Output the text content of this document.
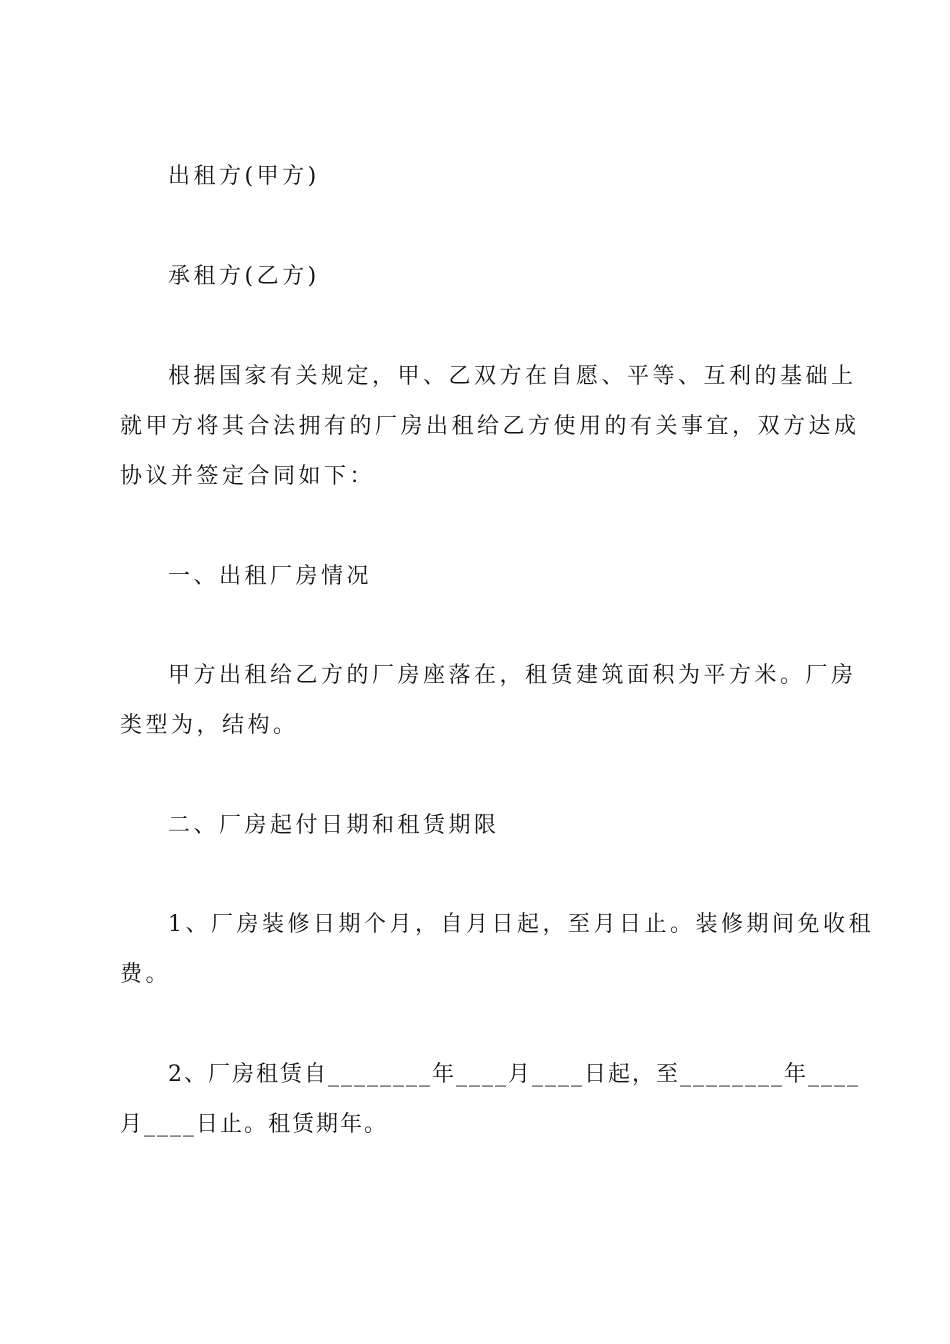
出租方(甲方)
承租方(乙方)
根据国家有关规定，甲、乙双方在自愿、平等、互利的基础上
就甲方将其合法拥有的厂房出租给乙方使用的有关事宜，双方达成
协议并签定合同如下：
一、出租厂房情况
甲方出租给乙方的厂房座落在，租赁建筑面积为平方米。厂房
类型为，结构。
二、厂房起付日期和租赁期限
1、厂房装修日期个月，自月日起，至月日止。装修期间免收租
费。
2、厂房租赁自________年____月____日起，至________年____
月____日止。租赁期年。
